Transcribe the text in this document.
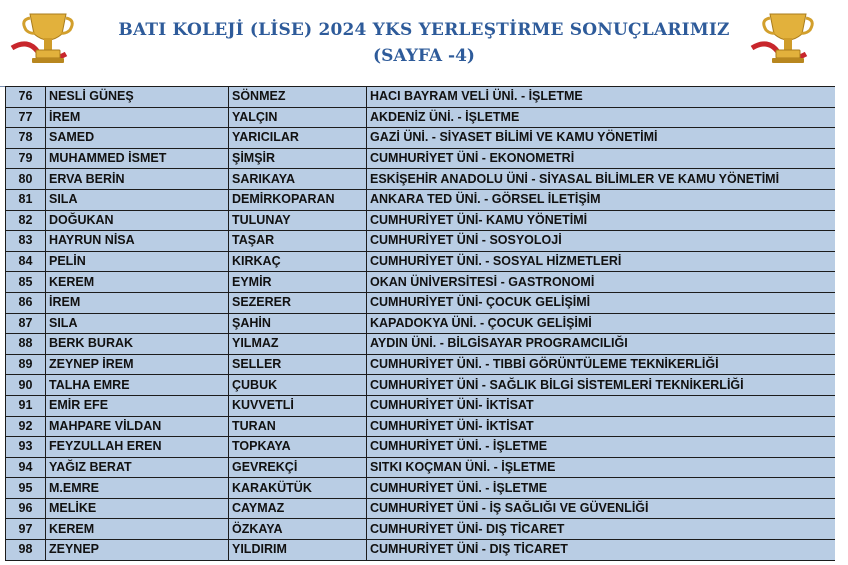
BATI KOLEJİ (LİSE) 2024 YKS YERLEŞTİRME SONUÇLARIMIZ
(SAYFA -4)
76	NESLİ GÜNEŞ	SÖNMEZ	HACI BAYRAM VELİ ÜNİ. - İŞLETME
77	İREM	YALÇIN	AKDENİZ ÜNİ. - İŞLETME
78	SAMED	YARICILAR	GAZİ ÜNİ. - SİYASET BİLİMİ VE KAMU YÖNETİMİ
79	MUHAMMED İSMET	ŞİMŞİR	CUMHURİYET ÜNİ - EKONOMETRİ
80	ERVA BERİN	SARIKAYA	ESKİŞEHİR ANADOLU ÜNİ - SİYASAL BİLİMLER VE KAMU YÖNETİMİ
81	SILA	DEMİRKOPARAN	ANKARA TED ÜNİ. - GÖRSEL İLETİŞİM
82	DOĞUKAN	TULUNAY	CUMHURİYET ÜNİ- KAMU YÖNETİMİ
83	HAYRUN NİSA	TAŞAR	CUMHURİYET ÜNİ - SOSYOLOJİ
84	PELİN	KIRKAÇ	CUMHURİYET ÜNİ. - SOSYAL HİZMETLERİ
85	KEREM	EYMİR	OKAN ÜNİVERSİTESİ - GASTRONOMİ
86	İREM	SEZERER	CUMHURİYET ÜNİ- ÇOCUK GELİŞİMİ
87	SILA	ŞAHİN	KAPADOKYA ÜNİ. - ÇOCUK GELİŞİMİ
88	BERK BURAK	YILMAZ	AYDIN ÜNİ. - BİLGİSAYAR PROGRAMCILIĞI
89	ZEYNEP İREM	SELLER	CUMHURİYET ÜNİ. - TIBBİ GÖRÜNTÜLEME TEKNİKERLİĞİ
90	TALHA EMRE	ÇUBUK	CUMHURİYET ÜNİ - SAĞLIK BİLGİ SİSTEMLERİ TEKNİKERLİĞİ
91	EMİR EFE	KUVVETLİ	CUMHURİYET ÜNİ- İKTİSAT
92	MAHPARE VİLDAN	TURAN	CUMHURİYET ÜNİ- İKTİSAT
93	FEYZULLAH EREN	TOPKAYA	CUMHURİYET ÜNİ. - İŞLETME
94	YAĞIZ BERAT	GEVREKÇİ	SITKI KOÇMAN ÜNİ. - İŞLETME
95	M.EMRE	KARAKÜTÜK	CUMHURİYET ÜNİ. - İŞLETME
96	MELİKE	CAYMAZ	CUMHURİYET ÜNİ - İŞ SAĞLIĞI VE GÜVENLİĞİ
97	KEREM	ÖZKAYA	CUMHURİYET ÜNİ- DIŞ TİCARET
98	ZEYNEP	YILDIRIM	CUMHURİYET ÜNİ - DIŞ TİCARET
